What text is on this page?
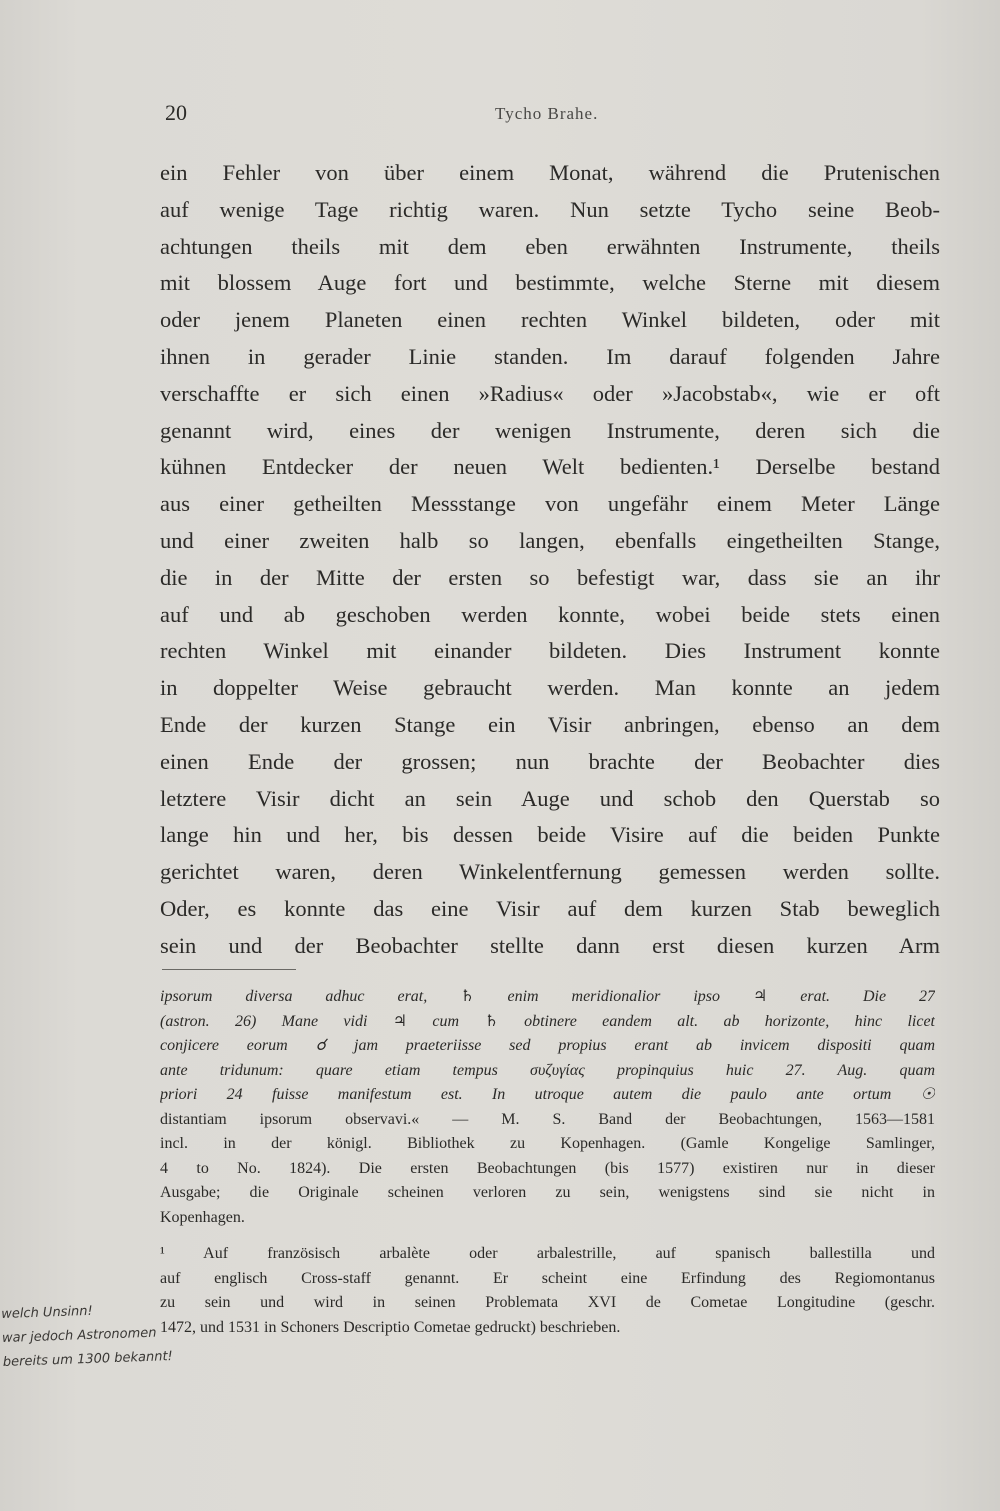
20	Tycho Brahe.
ein Fehler von über einem Monat, während die Prutenischen
auf wenige Tage richtig waren. Nun setzte Tycho seine Beob-
achtungen theils mit dem eben erwähnten Instrumente, theils
mit blossem Auge fort und bestimmte, welche Sterne mit diesem
oder jenem Planeten einen rechten Winkel bildeten, oder mit
ihnen in gerader Linie standen. Im darauf folgenden Jahre
verschaffte er sich einen »Radius« oder »Jacobstab«, wie er oft
genannt wird, eines der wenigen Instrumente, deren sich die
kühnen Entdecker der neuen Welt bedienten.¹ Derselbe bestand
aus einer getheilten Messstange von ungefähr einem Meter Länge
und einer zweiten halb so langen, ebenfalls eingetheilten Stange,
die in der Mitte der ersten so befestigt war, dass sie an ihr
auf und ab geschoben werden konnte, wobei beide stets einen
rechten Winkel mit einander bildeten. Dies Instrument konnte
in doppelter Weise gebraucht werden. Man konnte an jedem
Ende der kurzen Stange ein Visir anbringen, ebenso an dem
einen Ende der grossen; nun brachte der Beobachter dies
letztere Visir dicht an sein Auge und schob den Querstab so
lange hin und her, bis dessen beide Visire auf die beiden Punkte
gerichtet waren, deren Winkelentfernung gemessen werden sollte.
Oder, es konnte das eine Visir auf dem kurzen Stab beweglich
sein und der Beobachter stellte dann erst diesen kurzen Arm
ipsorum diversa adhuc erat, ♄ enim meridionalior ipso ♃ erat. Die 27
(astron. 26) Mane vidi ♃ cum ♄ obtinere eandem alt. ab horizonte, hinc licet
conjicere eorum ☌ jam praeteriisse sed propius erant ab invicem dispositi quam
ante tridunum: quare etiam tempus συζυγίας propinquius huic 27. Aug. quam
priori 24 fuisse manifestum est. In utroque autem die paulo ante ortum ☉
distantiam ipsorum observavi.« — M. S. Band der Beobachtungen, 1563—1581
incl. in der königl. Bibliothek zu Kopenhagen. (Gamle Kongelige Samlinger,
4 to No. 1824). Die ersten Beobachtungen (bis 1577) existiren nur in dieser
Ausgabe; die Originale scheinen verloren zu sein, wenigstens sind sie nicht in
Kopenhagen.
¹ Auf französisch arbalète oder arbalestrille, auf spanisch ballestilla und
auf englisch Cross-staff genannt. Er scheint eine Erfindung des Regiomontanus
zu sein und wird in seinen Problemata XVI de Cometae Longitudine (geschr.
1472, und 1531 in Schoners Descriptio Cometae gedruckt) beschrieben.
welch Unsinn!
war jedoch Astronomen
bereits um 1300 bekannt!
